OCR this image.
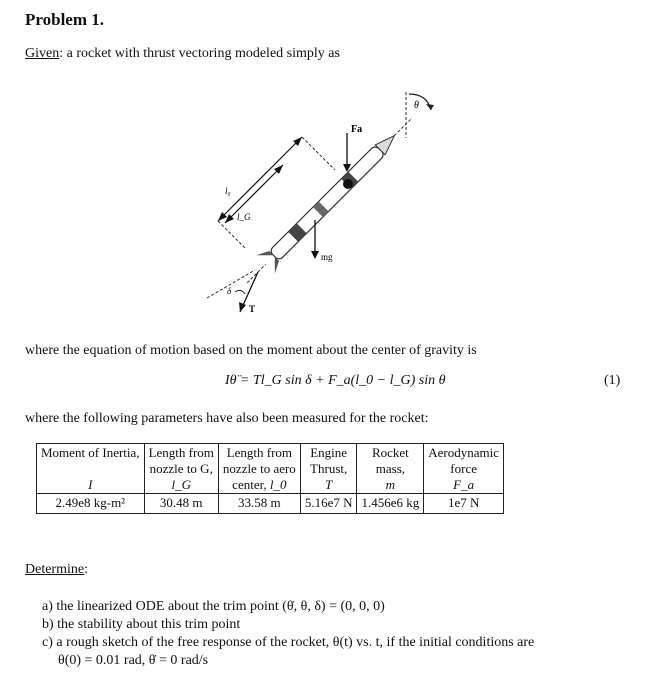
Problem 1.
Given: a rocket with thrust vectoring modeled simply as
θ
Fa
mg
l₀
l_G
δ
T
where the equation of motion based on the moment about the center of gravity is
Iθ̈ = Tl_G sin δ + F_a(l_0 − l_G) sin θ	(1)
where the following parameters have also been measured for the rocket:
Moment of Inertia,	Length from	Length from	Engine	Rocket	Aerodynamic
	nozzle to G,	nozzle to aero	Thrust,	mass,	force
I	l_G	center, l_0	T	m	F_a
2.49e8 kg-m²	30.48 m	33.58 m	5.16e7 N	1.456e6 kg	1e7 N
Determine:
a) the linearized ODE about the trim point (θ̇, θ, δ) = (0, 0, 0)
b) the stability about this trim point
c) a rough sketch of the free response of the rocket, θ(t) vs. t, if the initial conditions are
θ(0) = 0.01 rad, θ̇ = 0 rad/s
